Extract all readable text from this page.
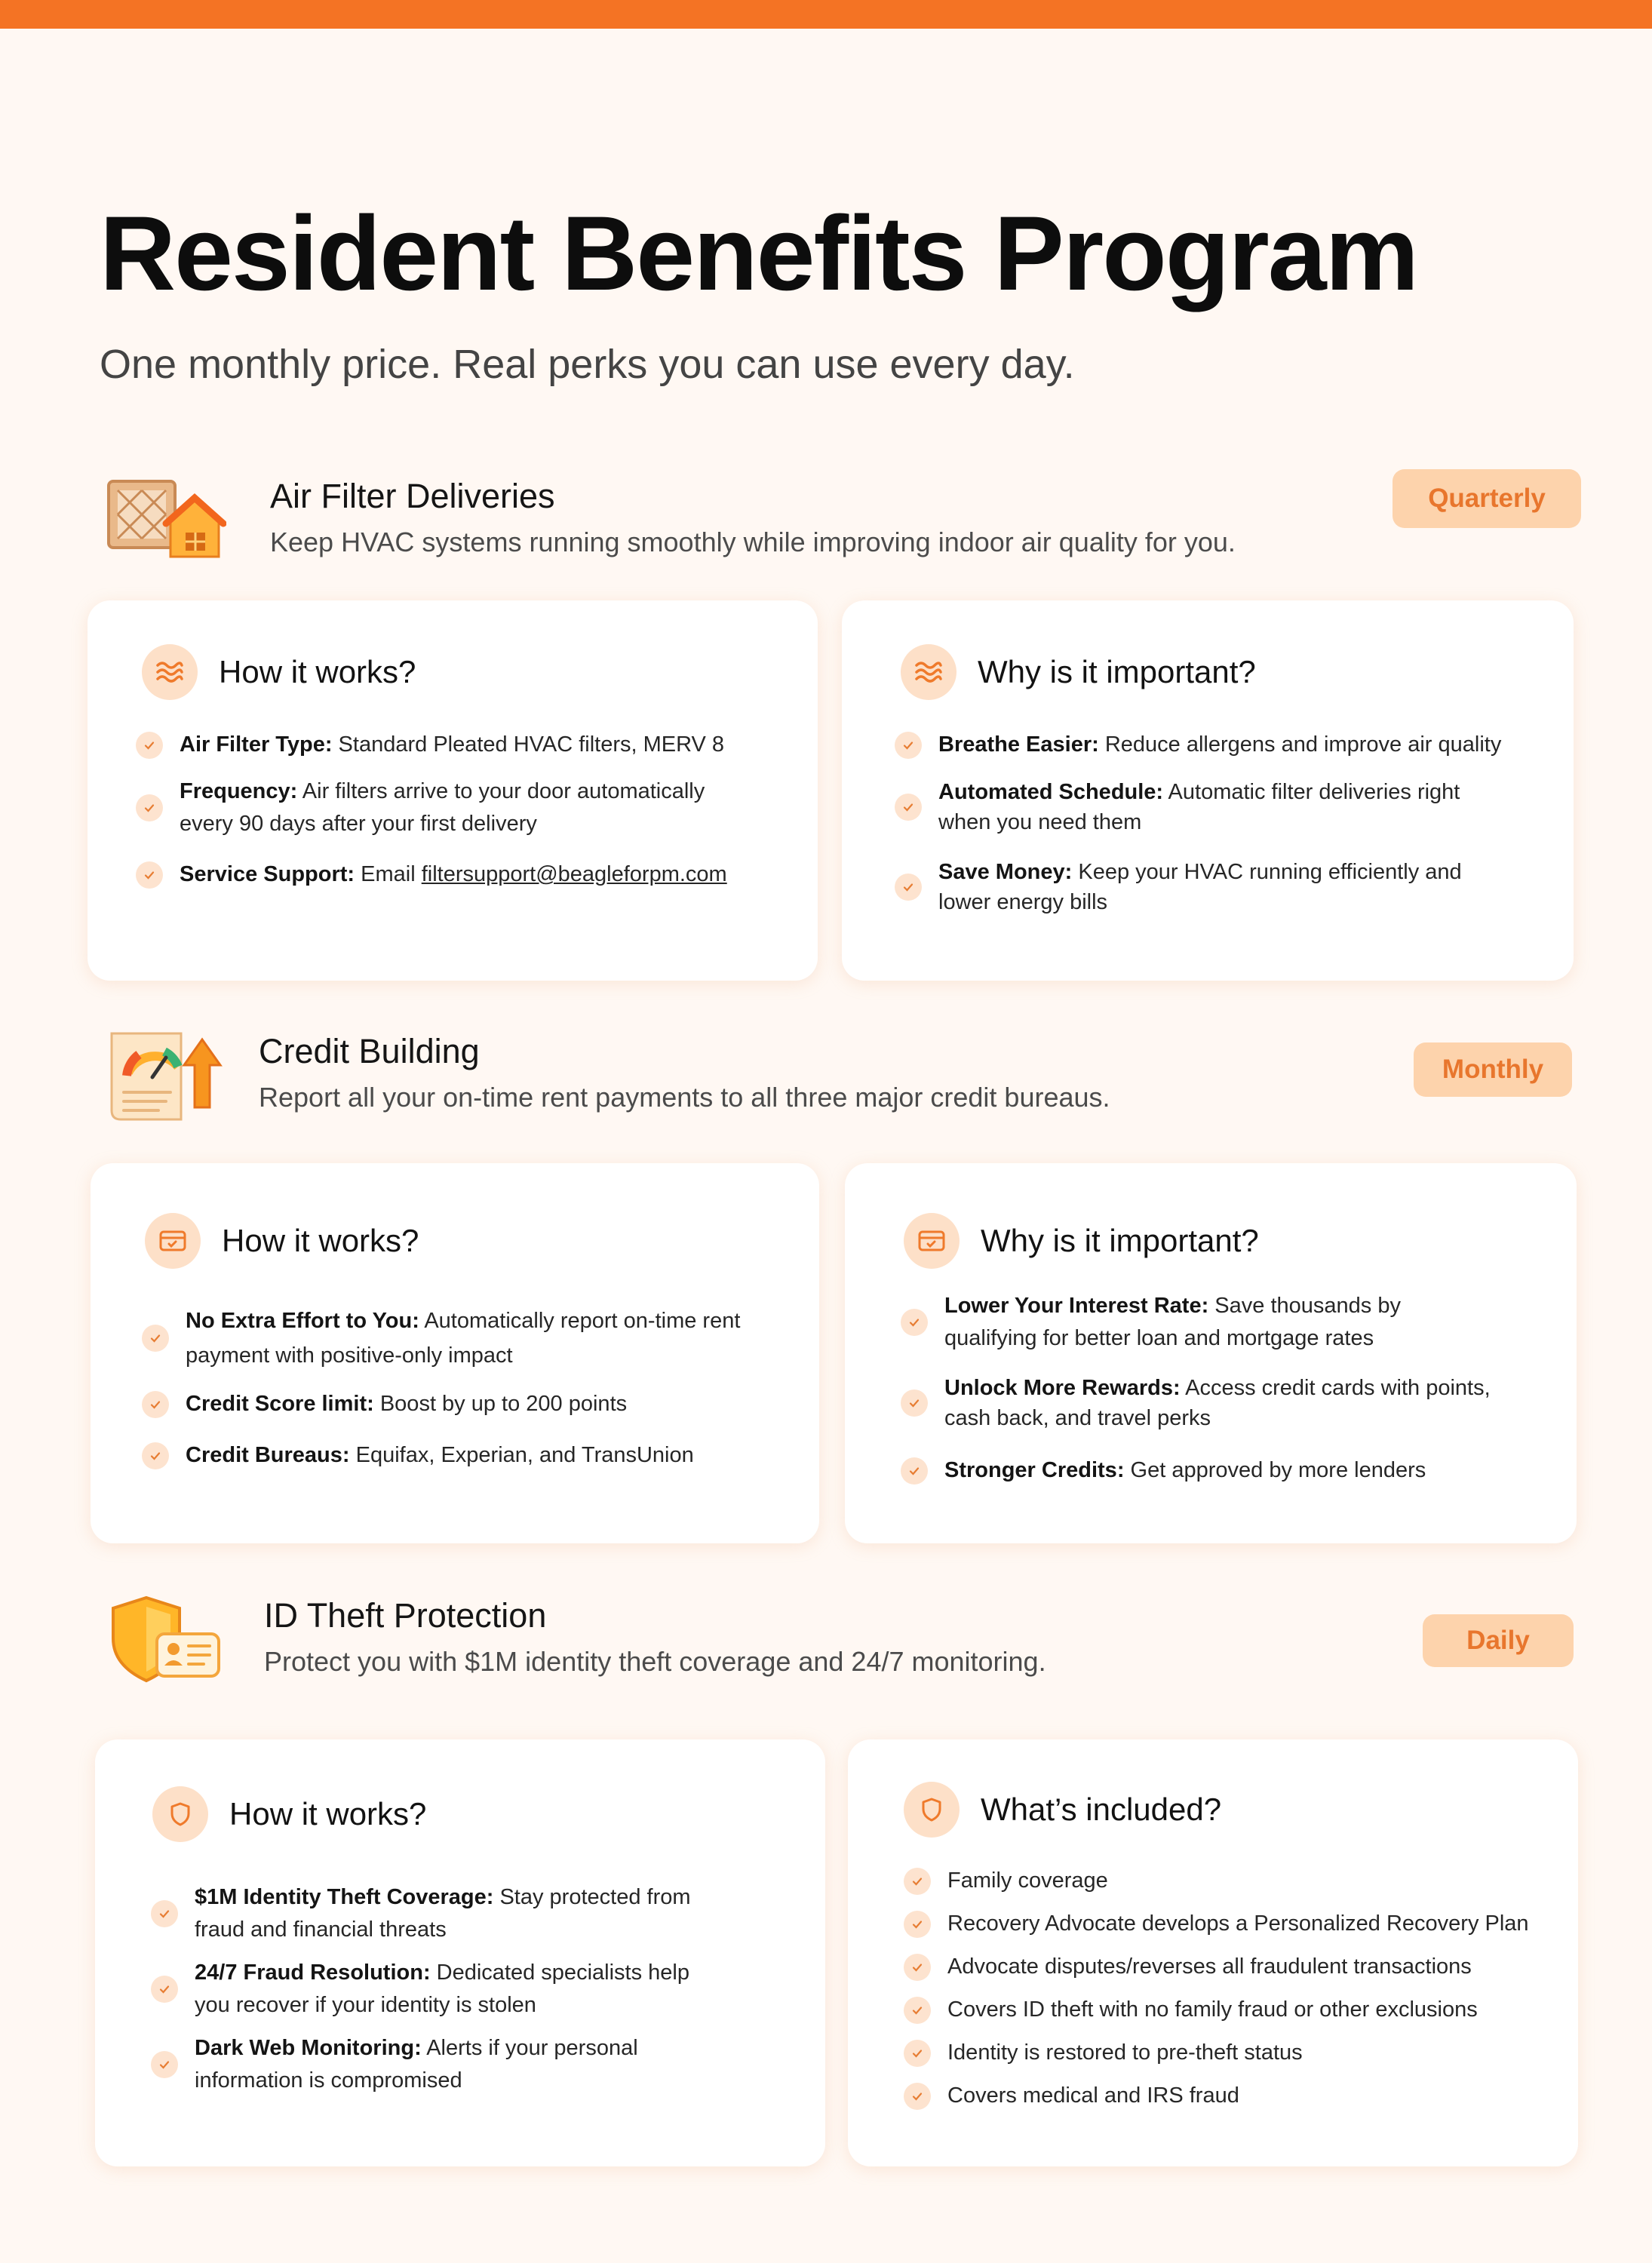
Resident Benefits Program

One monthly price. Real perks you can use every day.

Air Filter Deliveries
Keep HVAC systems running smoothly while improving indoor air quality for you.
Quarterly
How it works?
Air Filter Type: Standard Pleated HVAC filters, MERV 8
Frequency: Air filters arrive to your door automatically
every 90 days after your first delivery
Service Support: Email filtersupport@beagleforpm.com
Why is it important?
Breathe Easier: Reduce allergens and improve air quality
Automated Schedule: Automatic filter deliveries right
when you need them
Save Money: Keep your HVAC running efficiently and
lower energy bills
Credit Building
Report all your on-time rent payments to all three major credit bureaus.
Monthly
How it works?
No Extra Effort to You: Automatically report on-time rent
payment with positive-only impact
Credit Score limit: Boost by up to 200 points
Credit Bureaus: Equifax, Experian, and TransUnion
Why is it important?
Lower Your Interest Rate: Save thousands by
qualifying for better loan and mortgage rates
Unlock More Rewards: Access credit cards with points,
cash back, and travel perks
Stronger Credits: Get approved by more lenders
ID Theft Protection
Protect you with $1M identity theft coverage and 24/7 monitoring.
Daily
How it works?
$1M Identity Theft Coverage: Stay protected from
fraud and financial threats
24/7 Fraud Resolution: Dedicated specialists help
you recover if your identity is stolen
Dark Web Monitoring: Alerts if your personal
information is compromised
What’s included?
Family coverage
Recovery Advocate develops a Personalized Recovery Plan
Advocate disputes/reverses all fraudulent transactions
Covers ID theft with no family fraud or other exclusions
Identity is restored to pre-theft status
Covers medical and IRS fraud
